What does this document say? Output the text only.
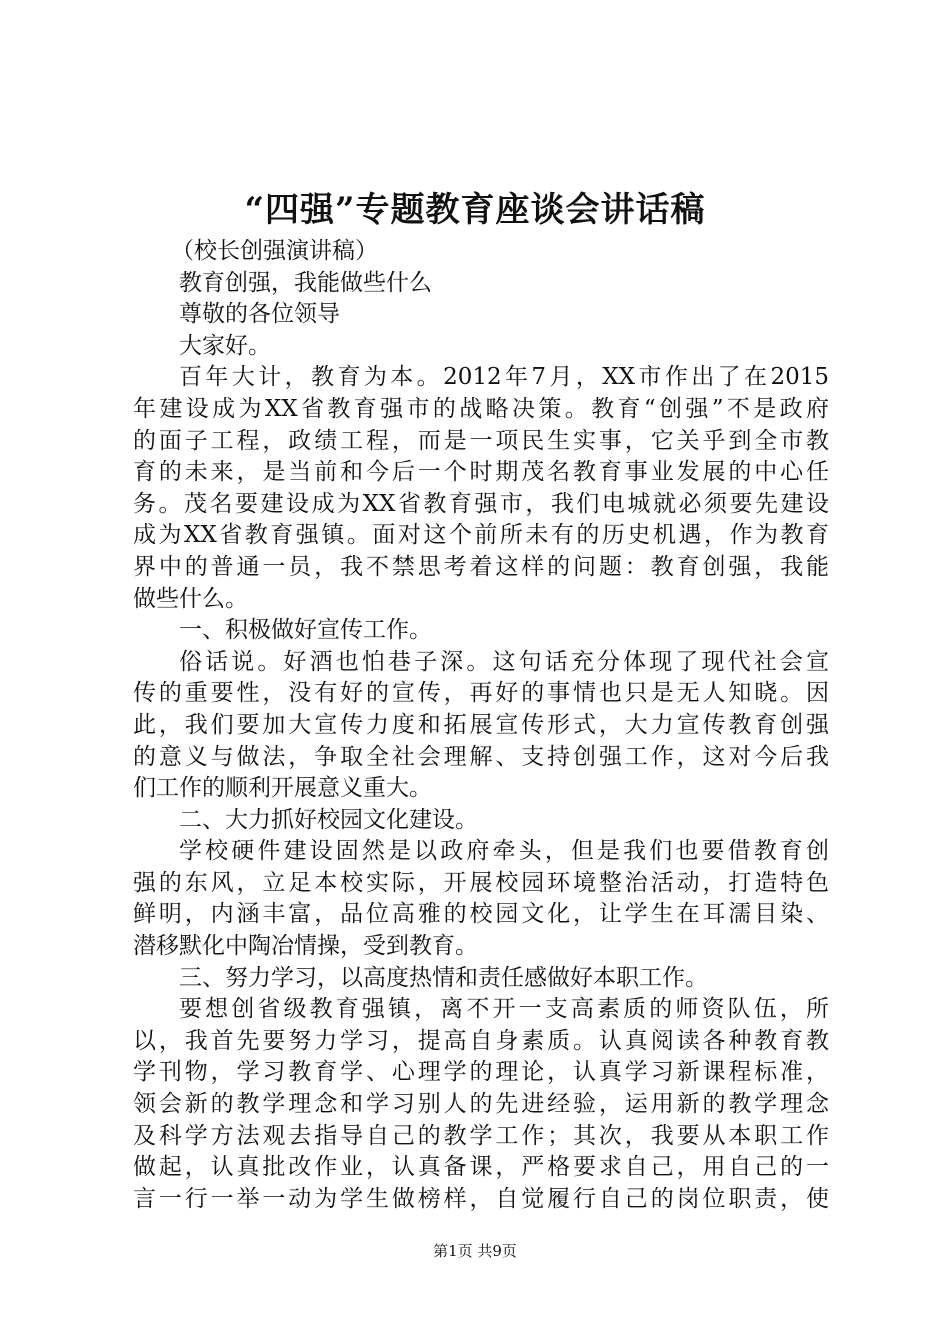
“四强”专题教育座谈会讲话稿
（校长创强演讲稿）
教育创强，我能做些什么
尊敬的各位领导
大家好。
百年大计，教育为本。2012年7月，XX市作出了在2015
年建设成为XX省教育强市的战略决策。教育“创强”不是政府
的面子工程，政绩工程，而是一项民生实事，它关乎到全市教
育的未来，是当前和今后一个时期茂名教育事业发展的中心任
务。茂名要建设成为XX省教育强市，我们电城就必须要先建设
成为XX省教育强镇。面对这个前所未有的历史机遇，作为教育
界中的普通一员，我不禁思考着这样的问题：教育创强，我能
做些什么。
一、积极做好宣传工作。
俗话说。好酒也怕巷子深。这句话充分体现了现代社会宣
传的重要性，没有好的宣传，再好的事情也只是无人知晓。因
此，我们要加大宣传力度和拓展宣传形式，大力宣传教育创强
的意义与做法，争取全社会理解、支持创强工作，这对今后我
们工作的顺利开展意义重大。
二、大力抓好校园文化建设。
学校硬件建设固然是以政府牵头，但是我们也要借教育创
强的东风，立足本校实际，开展校园环境整治活动，打造特色
鲜明，内涵丰富，品位高雅的校园文化，让学生在耳濡目染、
潜移默化中陶冶情操，受到教育。
三、努力学习，以高度热情和责任感做好本职工作。
要想创省级教育强镇，离不开一支高素质的师资队伍，所
以，我首先要努力学习，提高自身素质。认真阅读各种教育教
学刊物，学习教育学、心理学的理论，认真学习新课程标准，
领会新的教学理念和学习别人的先进经验，运用新的教学理念
及科学方法观去指导自己的教学工作；其次，我要从本职工作
做起，认真批改作业，认真备课，严格要求自己，用自己的一
言一行一举一动为学生做榜样，自觉履行自己的岗位职责，使
第1页 共9页
